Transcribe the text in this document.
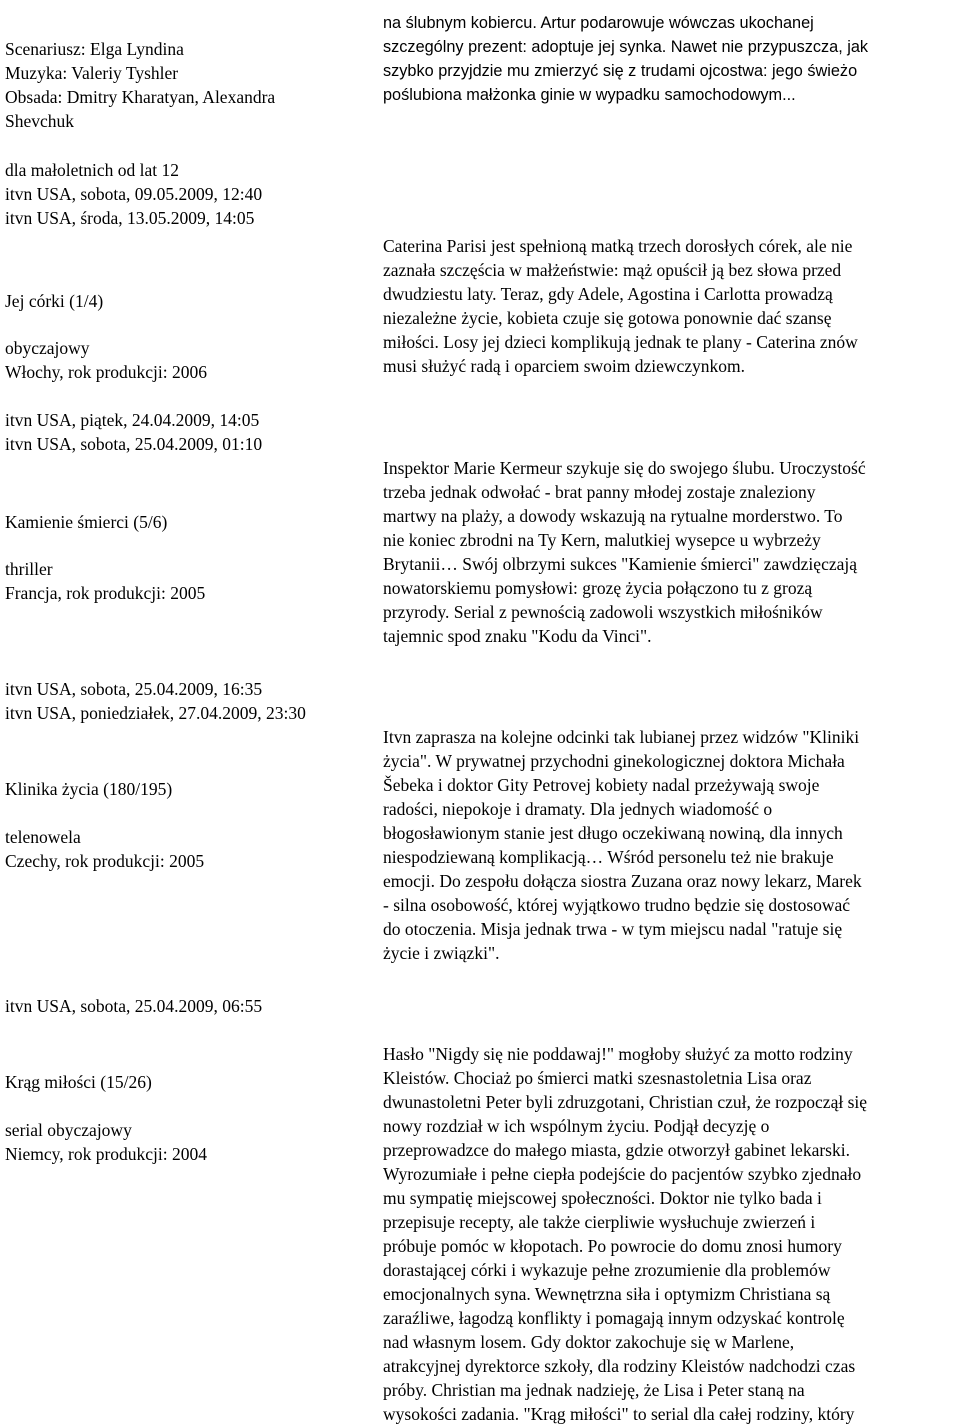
Scenariusz: Elga Lyndina
Muzyka: Valeriy Tyshler
Obsada: Dmitry Kharatyan, Alexandra
Shevchuk
dla małoletnich od lat 12
itvn USA, sobota, 09.05.2009, 12:40
itvn USA, środa, 13.05.2009, 14:05
Jej córki (1/4)
obyczajowy
Włochy, rok produkcji: 2006
itvn USA, piątek, 24.04.2009, 14:05
itvn USA, sobota, 25.04.2009, 01:10
Kamienie śmierci (5/6)
thriller
Francja, rok produkcji: 2005
itvn USA, sobota, 25.04.2009, 16:35
itvn USA, poniedziałek, 27.04.2009, 23:30
Klinika życia (180/195)
telenowela
Czechy, rok produkcji: 2005
itvn USA, sobota, 25.04.2009, 06:55
Krąg miłości (15/26)
serial obyczajowy
Niemcy, rok produkcji: 2004
na ślubnym kobiercu. Artur podarowuje wówczas ukochanej
szczególny prezent: adoptuje jej synka. Nawet nie przypuszcza, jak
szybko przyjdzie mu zmierzyć się z trudami ojcostwa: jego świeżo
poślubiona małżonka ginie w wypadku samochodowym...
Caterina Parisi jest spełnioną matką trzech dorosłych córek, ale nie
zaznała szczęścia w małżeństwie: mąż opuścił ją bez słowa przed
dwudziestu laty. Teraz, gdy Adele, Agostina i Carlotta prowadzą
niezależne życie, kobieta czuje się gotowa ponownie dać szansę
miłości. Losy jej dzieci komplikują jednak te plany - Caterina znów
musi służyć radą i oparciem swoim dziewczynkom.
Inspektor Marie Kermeur szykuje się do swojego ślubu. Uroczystość
trzeba jednak odwołać - brat panny młodej zostaje znaleziony
martwy na plaży, a dowody wskazują na rytualne morderstwo. To
nie koniec zbrodni na Ty Kern, malutkiej wysepce u wybrzeży
Brytanii… Swój olbrzymi sukces "Kamienie śmierci" zawdzięczają
nowatorskiemu pomysłowi: grozę życia połączono tu z grozą
przyrody. Serial z pewnością zadowoli wszystkich miłośników
tajemnic spod znaku "Kodu da Vinci".
Itvn zaprasza na kolejne odcinki tak lubianej przez widzów "Kliniki
życia". W prywatnej przychodni ginekologicznej doktora Michała
Šebeka i doktor Gity Petrovej kobiety nadal przeżywają swoje
radości, niepokoje i dramaty. Dla jednych wiadomość o
błogosławionym stanie jest długo oczekiwaną nowiną, dla innych
niespodziewaną komplikacją… Wśród personelu też nie brakuje
emocji. Do zespołu dołącza siostra Zuzana oraz nowy lekarz, Marek
- silna osobowość, której wyjątkowo trudno będzie się dostosować
do otoczenia. Misja jednak trwa - w tym miejscu nadal "ratuje się
życie i związki".
Hasło "Nigdy się nie poddawaj!" mogłoby służyć za motto rodziny
Kleistów. Chociaż po śmierci matki szesnastoletnia Lisa oraz
dwunastoletni Peter byli zdruzgotani, Christian czuł, że rozpoczął się
nowy rozdział w ich wspólnym życiu. Podjął decyzję o
przeprowadzce do małego miasta, gdzie otworzył gabinet lekarski.
Wyrozumiałe i pełne ciepła podejście do pacjentów szybko zjednało
mu sympatię miejscowej społeczności. Doktor nie tylko bada i
przepisuje recepty, ale także cierpliwie wysłuchuje zwierzeń i
próbuje pomóc w kłopotach. Po powrocie do domu znosi humory
dorastającej córki i wykazuje pełne zrozumienie dla problemów
emocjonalnych syna. Wewnętrzna siła i optymizm Christiana są
zaraźliwe, łagodzą konflikty i pomagają innym odzyskać kontrolę
nad własnym losem. Gdy doktor zakochuje się w Marlene,
atrakcyjnej dyrektorce szkoły, dla rodziny Kleistów nadchodzi czas
próby. Christian ma jednak nadzieję, że Lisa i Peter staną na
wysokości zadania. "Krąg miłości" to serial dla całej rodziny, który
